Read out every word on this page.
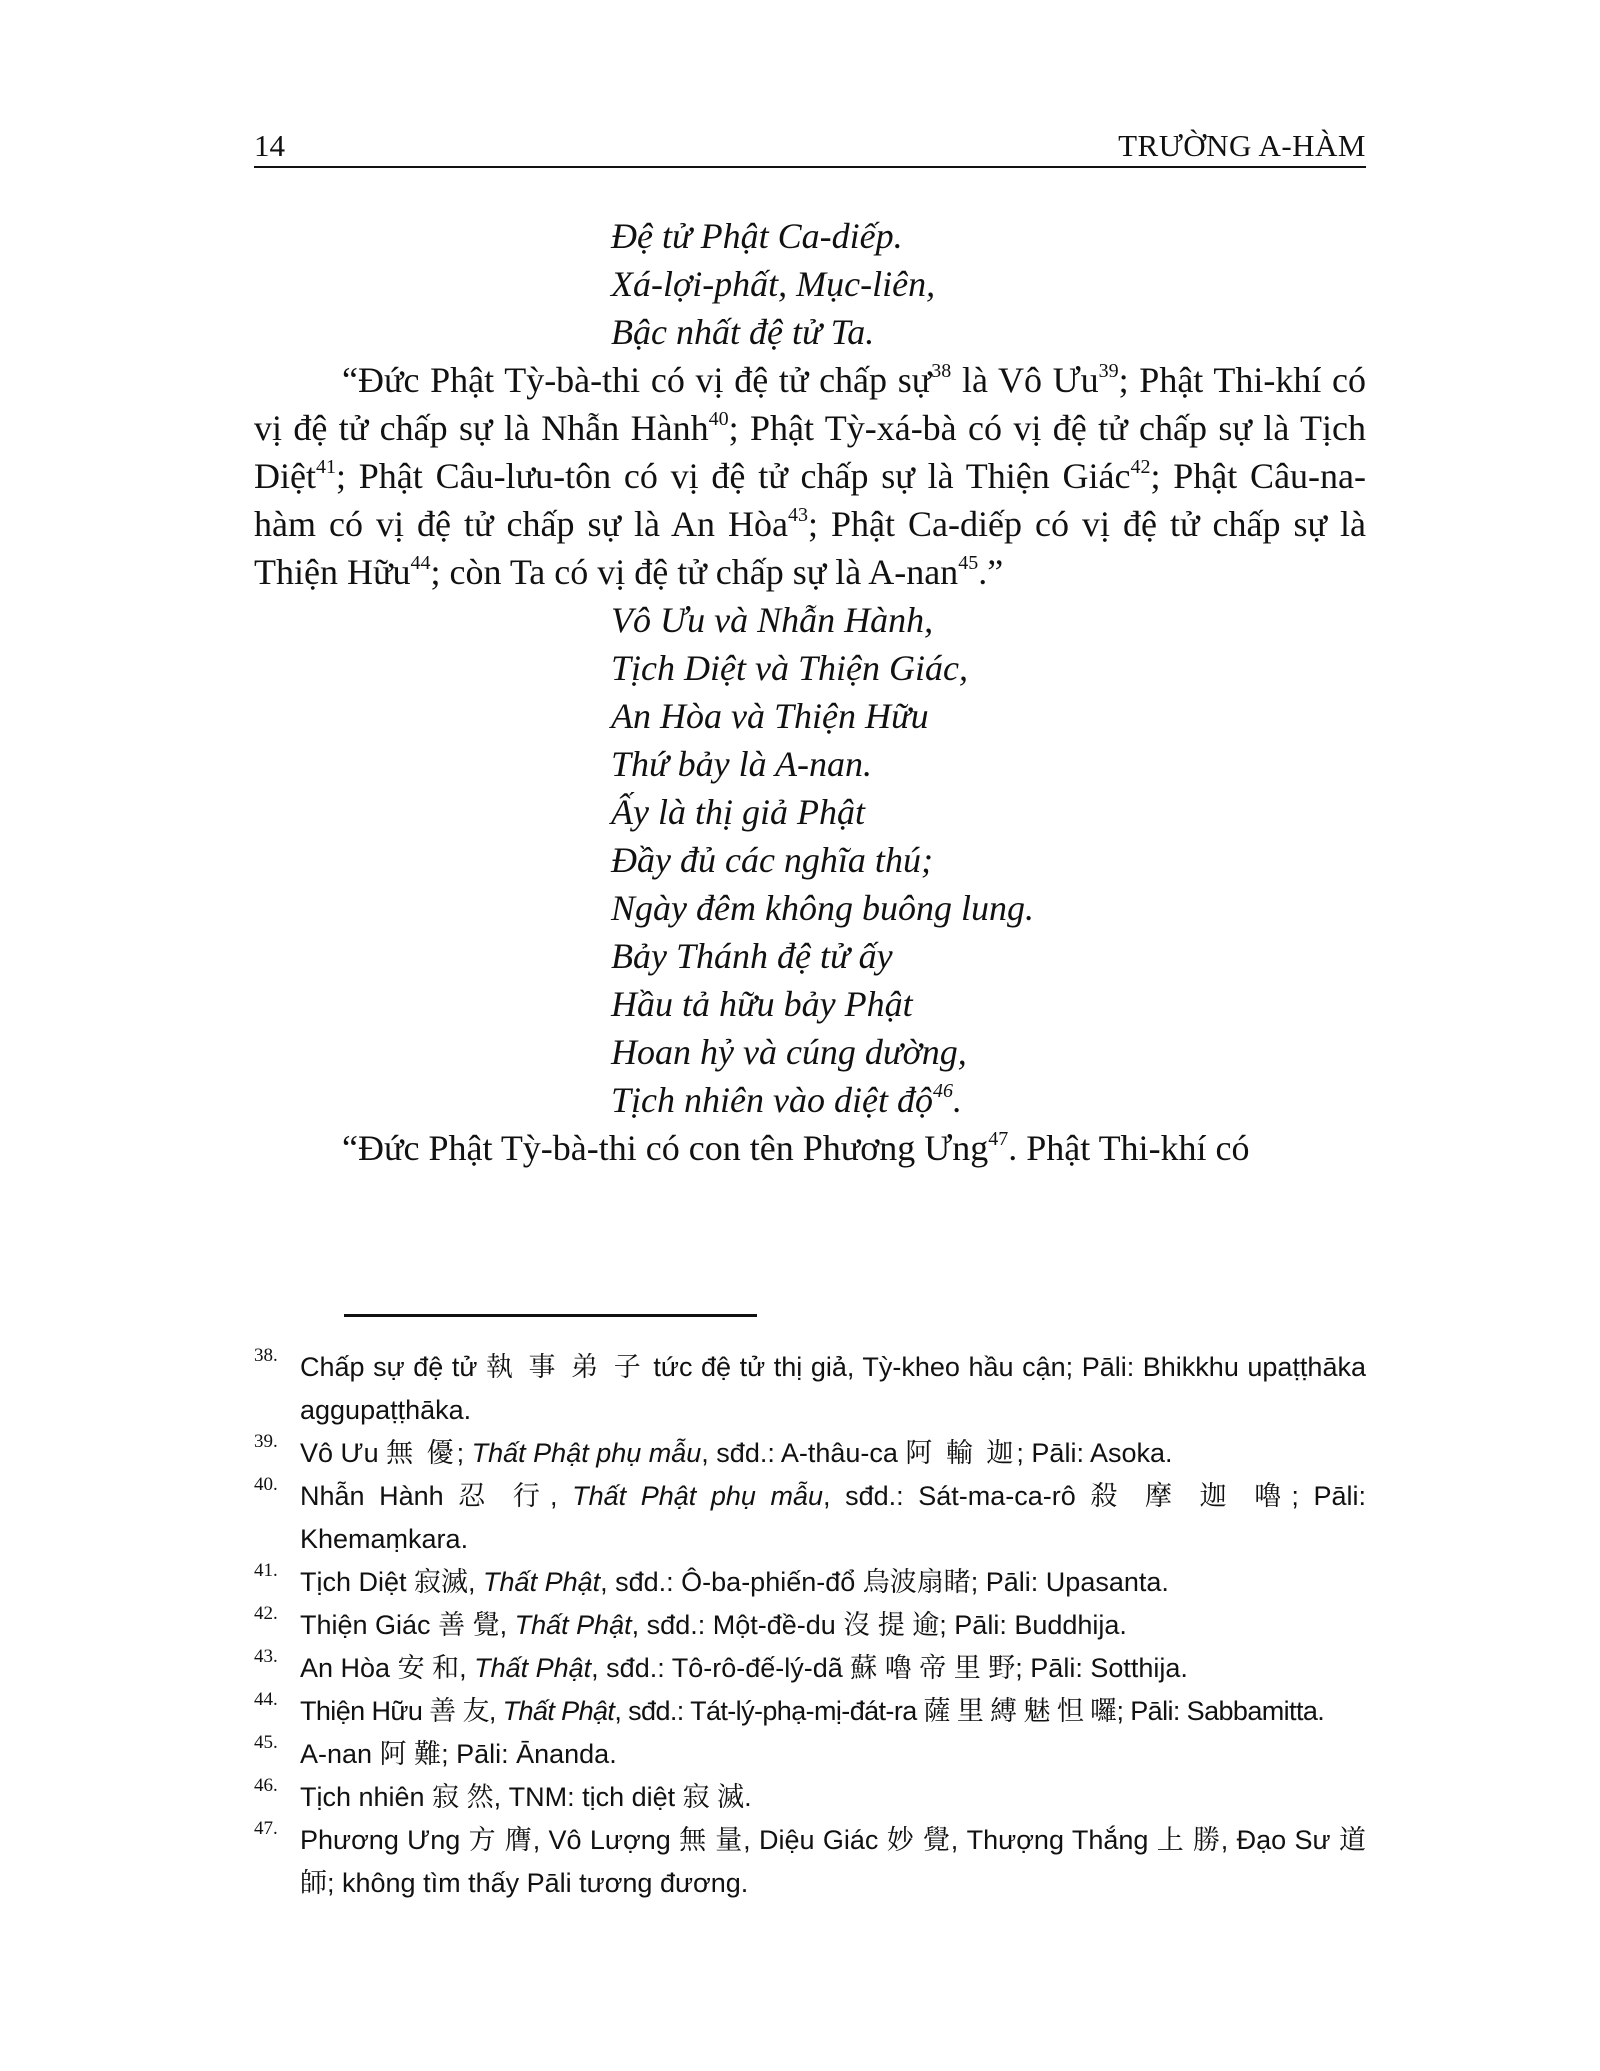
14	TRƯỜNG A-HÀM
Đệ tử Phật Ca-diếp.
Xá-lợi-phất, Mục-liên,
Bậc nhất đệ tử Ta.

“Đức Phật Tỳ-bà-thi có vị đệ tử chấp sự$^{38}$ là Vô $Ưu^{39}$; Phật Thi-khí có vị đệ tử chấp sự là Nhẫn Hành$^{40}$; Phật Tỳ-xá-bà có vị đệ tử chấp sự là Tịch Diệt$^{41}$; Phật Câu-lưu-tôn có vị đệ tử chấp sự là Thiện Giác$^{42}$; Phật Câu-na-hàm có vị đệ tử chấp sự là An Hòa$^{43}$; Phật Ca-diếp có vị đệ tử chấp sự là Thiện Hữu$^{44}$; còn Ta có vị đệ tử chấp sự là A-nan$^{45}$.”

Vô Ưu và Nhẫn Hành,
Tịch Diệt và Thiện Giác,
An Hòa và Thiện Hữu
Thứ bảy là A-nan.
Ấy là thị giả Phật
Đầy đủ các nghĩa thú;
Ngày đêm không buông lung.
Bảy Thánh đệ tử ấy
Hầu tả hữu bảy Phật
Hoan hỷ và cúng dường,
Tịch nhiên vào diệt độ$^{46}$.

“Đức Phật Tỳ-bà-thi có con tên Phương Ưng$^{47}$. Phật Thi-khí có

38. Chấp sự đệ tử 執 事 弟 子 tức đệ tử thị giả, Tỳ-kheo hầu cận; Pāli: Bhikkhu upaṭṭhāka aggupaṭṭhāka.
39. Vô Ưu 無 優; Thất Phật phụ mẫu, sđd.: A-thâu-ca 阿 輸 迦; Pāli: Asoka.
40. Nhẫn Hành 忍 行, Thất Phật phụ mẫu, sđd.: Sát-ma-ca-rô 殺 摩 迦 嚕; Pāli: Khemaṃkara.
41. Tịch Diệt 寂滅, Thất Phật, sđd.: Ô-ba-phiến-đổ 烏波扇睹; Pāli: Upasanta.
42. Thiện Giác 善 覺, Thất Phật, sđd.: Một-đề-du 沒 提 逾; Pāli: Buddhija.
43. An Hòa 安 和, Thất Phật, sđd.: Tô-rô-đế-lý-dã 蘇 嚕 帝 里 野; Pāli: Sotthija.
44. Thiện Hữu 善 友, Thất Phật, sđd.: Tát-lý-phạ-mị-đát-ra 薩 里 縛 魅 怛 囉; Pāli: Sabbamitta.
45. A-nan 阿 難; Pāli: Ānanda.
46. Tịch nhiên 寂 然, TNM: tịch diệt 寂 滅.
47. Phương Ưng 方 膺, Vô Lượng 無 量, Diệu Giác 妙 覺, Thượng Thắng 上 勝, Đạo Sư 道 師; không tìm thấy Pāli tương đương.
